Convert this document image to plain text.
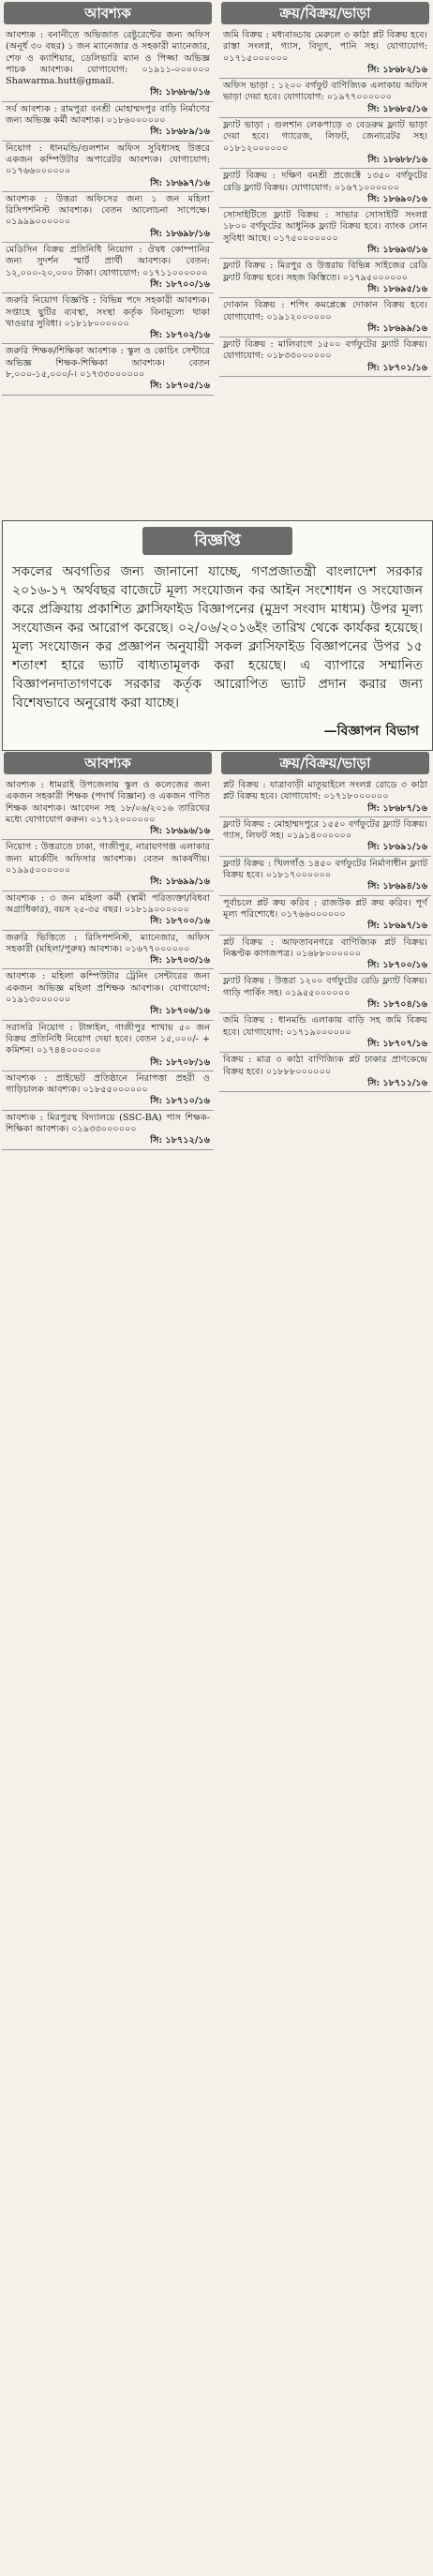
আবশ্যক
আবশ্যক : বনানীতে অভিজাত রেষ্টুরেন্টের জন্য অফিস (অনূর্ধ ৩০ বছর) ১ জন ম্যানেজার ও সহকারী ম্যানেজার, শেফ ও ক্যাশিয়ার, ডেলিভারি ম্যান ও পিজ্জা অভিজ্ঞ পাচক আবশ্যক। যোগাযোগ: ০১৯১১-০০০০০০ Shawarma.hutt@gmail.
সি: ১৮৬৮৬/১৬
সর্ব আবশ্যক : রামপুরা বনশ্রী মোহাম্মদপুর বাড়ি নির্মাণের জন্য অভিজ্ঞ কর্মী আবশ্যক। ০১৮৬০০০০০০
সি: ১৮৬৮৯/১৬
নিয়োগ : ধানমন্ডি/গুলশান অফিস সুবিধাসহ উত্তরে একজন কম্পিউটার অপারেটর আবশ্যক। যোগাযোগ: ০১৭৬৬০০০০০০
সি: ১৮৬৯৭/১৬
আবশ্যক : উত্তরা অফিসের জন্য ১ জন মহিলা রিসিপশনিস্ট আবশ্যক। বেতন আলোচনা সাপেক্ষে। ০১৯৯৯০০০০০০
সি: ১৮৬৯৮/১৬
মেডিসিন বিক্রয় প্রতিনিধি নিয়োগ : ঔষধ কোম্পানির জন্য সুদর্শন স্মার্ট প্রার্থী আবশ্যক। বেতন: ১২,০০০-২০,০০০ টাকা। যোগাযোগ: ০১৭১১০০০০০০
সি: ১৮৭০০/১৬
জরুরি নিয়োগ বিজ্ঞপ্তি : বিভিন্ন পদে সহকারী আবশ্যক। সপ্তাহে ছুটির ব্যবস্থা, সংস্থা কর্তৃক বিনামূল্যে থাকা খাওয়ার সুবিধা। ০১৮১৮০০০০০০
সি: ১৮৭০২/১৬
জরুরি শিক্ষক/শিক্ষিকা আবশ্যক : স্কুল ও কোচিং সেন্টারে অভিজ্ঞ শিক্ষক-শিক্ষিকা আবশ্যক। বেতন ৮,০০০-১৫,০০০/-। ০১৭৩৩০০০০০০
সি: ১৮৭০৫/১৬
ক্রয়/বিক্রয়/ভাড়া
জমি বিক্রয় : মধ্যবাড্ডায় মেরুলে ৩ কাঠা প্লট বিক্রয় হবে। রাস্তা সংলগ্ন, গ্যাস, বিদ্যুৎ, পানি সহ। যোগাযোগ: ০১৭১৫০০০০০০
সি: ১৮৬৮২/১৬
অফিস ভাড়া : ১২০০ বর্গফুট বাণিজ্যিক এলাকায় অফিস ভাড়া দেয়া হবে। যোগাযোগ: ০১৯৭৭০০০০০০
সি: ১৮৬৮৫/১৬
ফ্ল্যাট ভাড়া : গুলশান লেকপাড়ে ৩ বেডরুম ফ্ল্যাট ভাড়া দেয়া হবে। গ্যারেজ, লিফট, জেনারেটর সহ। ০১৮১২০০০০০০
সি: ১৮৬৮৮/১৬
ফ্ল্যাট বিক্রয় : দক্ষিণ বনশ্রী প্রজেক্টে ১৩৫০ বর্গফুটের রেডি ফ্ল্যাট বিক্রয়। যোগাযোগ: ০১৬৭১০০০০০০
সি: ১৮৬৯০/১৬
সোসাইটিতে ফ্ল্যাট বিক্রয় : সাভার সোসাইটি সংলগ্ন ১৮০০ বর্গফুটের আধুনিক ফ্ল্যাট বিক্রয় হবে। ব্যাংক লোন সুবিধা আছে। ০১৭৫০০০০০০০
সি: ১৮৬৯৩/১৬
ফ্ল্যাট বিক্রয় : মিরপুর ও উত্তরায় বিভিন্ন সাইজের রেডি ফ্ল্যাট বিক্রয় হবে। সহজ কিস্তিতে। ০১৭৯৫০০০০০০
সি: ১৮৬৯৫/১৬
দোকান বিক্রয় : শপিং কমপ্লেক্সে দোকান বিক্রয় হবে। যোগাযোগ: ০১৯১২০০০০০০
সি: ১৮৬৯৯/১৬
ফ্ল্যাট বিক্রয় : মালিবাগে ১৫০০ বর্গফুটের ফ্ল্যাট বিক্রয়। যোগাযোগ: ০১৮৩৩০০০০০০
সি: ১৮৭০১/১৬
বিজ্ঞপ্তি
সকলের অবগতির জন্য জানানো যাচ্ছে, গণপ্রজাতন্ত্রী বাংলাদেশ সরকার ২০১৬-১৭ অর্থবছর বাজেটে মূল্য সংযোজন কর আইন সংশোধন ও সংযোজন করে প্রক্রিয়ায় প্রকাশিত ক্লাসিফাইড বিজ্ঞাপনের (মুদ্রণ সংবাদ মাধ্যম) উপর মূল্য সংযোজন কর আরোপ করেছে। ০২/০৬/২০১৬ইং তারিখ থেকে কার্যকর হয়েছে। মূল্য সংযোজন কর প্রজ্ঞাপন অনুযায়ী সকল ক্লাসিফাইড বিজ্ঞাপনের উপর ১৫ শতাংশ হারে ভ্যাট বাধ্যতামূলক করা হয়েছে। এ ব্যাপারে সম্মানিত বিজ্ঞাপনদাতাগণকে সরকার কর্তৃক আরোপিত ভ্যাট প্রদান করার জন্য বিশেষভাবে অনুরোধ করা যাচ্ছে।
—বিজ্ঞাপন বিভাগ
আবশ্যক
আবশ্যক : ধামরাই উপজেলায় স্কুল ও কলেজের জন্য একজন সহকারী শিক্ষক (পদার্থ বিজ্ঞান) ও একজন গণিত শিক্ষক আবশ্যক। আবেদন সহ ১৮/০৬/২০১৬ তারিখের মধ্যে যোগাযোগ করুন। ০১৭১২০০০০০০
সি: ১৮৬৯৬/১৬
নিয়োগ : উত্তরাতে ঢাকা, গাজীপুর, নারায়ণগঞ্জ এলাকার জন্য মার্কেটিং অফিসার আবশ্যক। বেতন আকর্ষণীয়। ০১৯৯৫০০০০০০
সি: ১৮৬৯৯/১৬
আবশ্যক : ৩ জন মহিলা কর্মী (স্বামী পরিত্যক্তা/বিধবা অগ্রাধিকার), বয়স ২৫-৩৫ বছর। ০১৮১৯০০০০০০
সি: ১৮৭০০/১৬
জরুরি ভিত্তিতে : রিসিপশনিস্ট, ম্যানেজার, অফিস সহকারী (মহিলা/পুরুষ) আবশ্যক। ০১৬৭৭০০০০০০
সি: ১৮৭০৩/১৬
আবশ্যক : মহিলা কম্পিউটার ট্রেনিং সেন্টারের জন্য একজন অভিজ্ঞ মহিলা প্রশিক্ষক আবশ্যক। যোগাযোগ: ০১৯১৩০০০০০০
সি: ১৮৭০৬/১৬
সরাসরি নিয়োগ : টাঙ্গাইল, গাজীপুর শাখায় ৫০ জন বিক্রয় প্রতিনিধি নিয়োগ দেয়া হবে। বেতন ১৫,০০০/- + কমিশন। ০১৭৪৪০০০০০০
সি: ১৮৭০৮/১৬
আবশ্যক : প্রাইভেট প্রতিষ্ঠানে নিরাপত্তা প্রহরী ও গাড়িচালক আবশ্যক। ০১৮৫৫০০০০০০
সি: ১৮৭১০/১৬
আবশ্যক : মিরপুরস্থ বিদ্যালয়ে (SSC-BA) পাস শিক্ষক-শিক্ষিকা আবশ্যক। ০১৯৩৩০০০০০০
সি: ১৮৭১২/১৬
ক্রয়/বিক্রয়/ভাড়া
প্লট বিক্রয় : যাত্রাবাড়ী মাতুয়াইলে সংলগ্ন রোডে ৩ কাঠা প্লট বিক্রয় হবে। যোগাযোগ: ০১৭১৮০০০০০০
সি: ১৮৬৮৭/১৬
ফ্ল্যাট বিক্রয় : মোহাম্মদপুরে ১৫৫০ বর্গফুটের ফ্ল্যাট বিক্রয়। গ্যাস, লিফট সহ। ০১৯১৪০০০০০০
সি: ১৮৬৯১/১৬
ফ্ল্যাট বিক্রয় : খিলগাঁও ১৪৫০ বর্গফুটের নির্মাণাধীন ফ্ল্যাট বিক্রয় হবে। ০১৮১৭০০০০০০
সি: ১৮৬৯৪/১৬
পূর্বাচলে প্লট ক্রয় করিব : রাজউক প্লট ক্রয় করিব। পূর্ণ মূল্য পরিশোধে। ০১৭৬৬০০০০০০
সি: ১৮৬৯৭/১৬
প্লট বিক্রয় : আফতাবনগরে বাণিজ্যিক প্লট বিক্রয়। নিষ্কণ্টক কাগজপত্র। ০১৬৮৮০০০০০০
সি: ১৮৭০০/১৬
ফ্ল্যাট বিক্রয় : উত্তরা ১২০০ বর্গফুটের রেডি ফ্ল্যাট বিক্রয়। গাড়ি পার্কিং সহ। ০১৯৫৫০০০০০০
সি: ১৮৭০৪/১৬
জমি বিক্রয় : ধানমন্ডি এলাকায় বাড়ি সহ জমি বিক্রয় হবে। যোগাযোগ: ০১৭১৯০০০০০০
সি: ১৮৭০৭/১৬
বিক্রয় : মাত্র ৩ কাঠা বাণিজ্যিক প্লট ঢাকার প্রাণকেন্দ্রে বিক্রয় হবে। ০১৮৮৮০০০০০০
সি: ১৮৭১১/১৬
